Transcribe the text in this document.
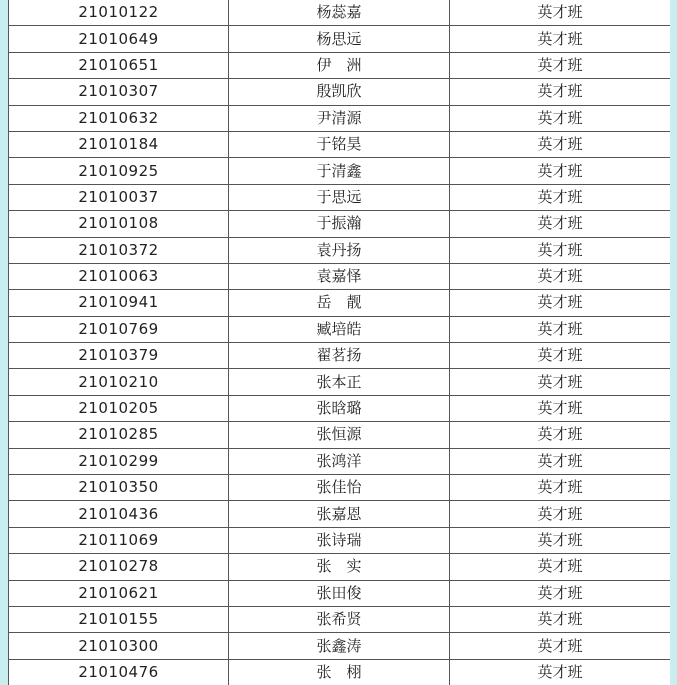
21010122	杨蕊嘉	英才班
21010649	杨思远	英才班
21010651	伊　洲	英才班
21010307	殷凯欣	英才班
21010632	尹清源	英才班
21010184	于铭昊	英才班
21010925	于清鑫	英才班
21010037	于思远	英才班
21010108	于振瀚	英才班
21010372	袁丹扬	英才班
21010063	袁嘉怿	英才班
21010941	岳　靓	英才班
21010769	臧培皓	英才班
21010379	翟茗扬	英才班
21010210	张本正	英才班
21010205	张晗璐	英才班
21010285	张恒源	英才班
21010299	张鸿洋	英才班
21010350	张佳怡	英才班
21010436	张嘉恩	英才班
21011069	张诗瑞	英才班
21010278	张　实	英才班
21010621	张田俊	英才班
21010155	张希贤	英才班
21010300	张鑫涛	英才班
21010476	张　栩	英才班
